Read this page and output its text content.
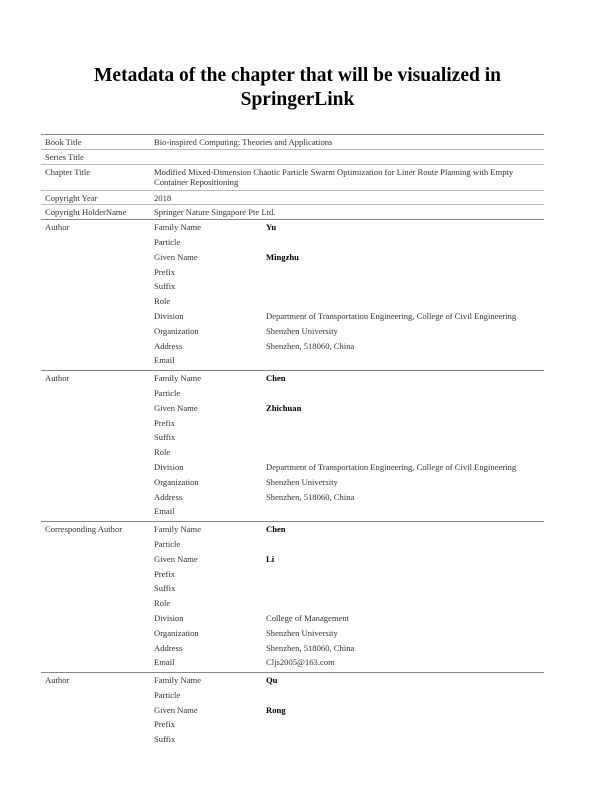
Metadata of the chapter that will be visualized in
SpringerLink
Book Title	Bio-inspired Computing: Theories and Applications
Series Title
Chapter Title	Modified Mixed-Dimension Chaotic Particle Swarm Optimization for Liner Route Planning with Empty Container Repositioning
Copyright Year	2018
Copyright HolderName	Springer Nature Singapore Pte Ltd.
Author	Family Name	Yu
Particle
Given Name	Mingzhu
Prefix
Suffix
Role
Division	Department of Transportation Engineering, College of Civil Engineering
Organization	Shenzhen University
Address	Shenzhen, 518060, China
Email
Author	Family Name	Chen
Particle
Given Name	Zhichuan
Prefix
Suffix
Role
Division	Department of Transportation Engineering, College of Civil Engineering
Organization	Shenzhen University
Address	Shenzhen, 518060, China
Email
Corresponding Author	Family Name	Chen
Particle
Given Name	Li
Prefix
Suffix
Role
Division	College of Management
Organization	Shenzhen University
Address	Shenzhen, 518060, China
Email	Cljs2005@163.com
Author	Family Name	Qu
Particle
Given Name	Rong
Prefix
Suffix
